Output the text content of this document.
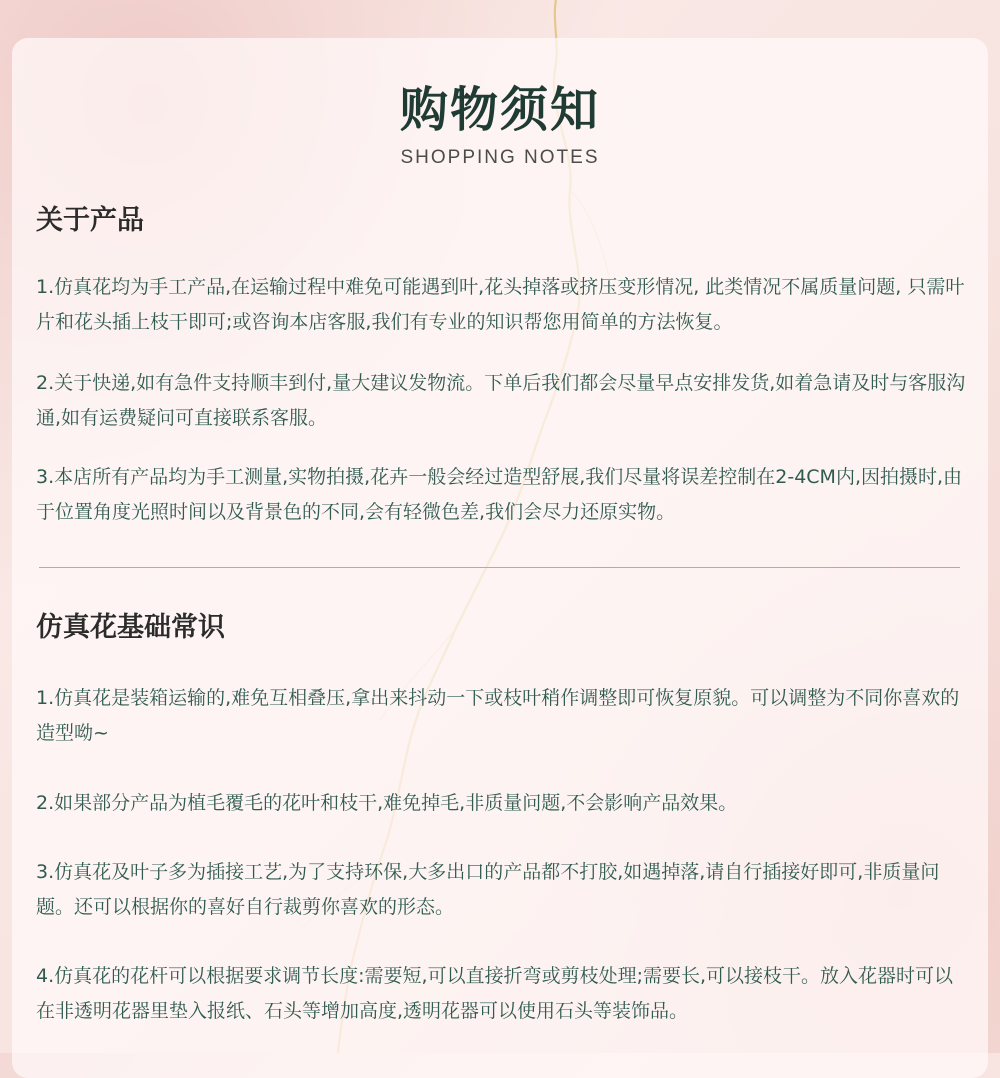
购物须知
SHOPPING NOTES
关于产品

1.仿真花均为手工产品,在运输过程中难免可能遇到叶,花头掉落或挤压变形情况, 此类情况不属质量问题, 只需叶片和花头插上枝干即可;或咨询本店客服,我们有专业的知识帮您用简单的方法恢复。

2.关于快递,如有急件支持顺丰到付,量大建议发物流。下单后我们都会尽量早点安排发货,如着急请及时与客服沟通,如有运费疑问可直接联系客服。

3.本店所有产品均为手工测量,实物拍摄,花卉一般会经过造型舒展,我们尽量将误差控制在2-4CM内,因拍摄时,由于位置角度光照时间以及背景色的不同,会有轻微色差,我们会尽力还原实物。

仿真花基础常识

1.仿真花是装箱运输的,难免互相叠压,拿出来抖动一下或枝叶稍作调整即可恢复原貌。可以调整为不同你喜欢的造型呦~

2.如果部分产品为植毛覆毛的花叶和枝干,难免掉毛,非质量问题,不会影响产品效果。

3.仿真花及叶子多为插接工艺,为了支持环保,大多出口的产品都不打胶,如遇掉落,请自行插接好即可,非质量问题。还可以根据你的喜好自行裁剪你喜欢的形态。

4.仿真花的花杆可以根据要求调节长度:需要短,可以直接折弯或剪枝处理;需要长,可以接枝干。放入花器时可以在非透明花器里垫入报纸、石头等增加高度,透明花器可以使用石头等装饰品。
